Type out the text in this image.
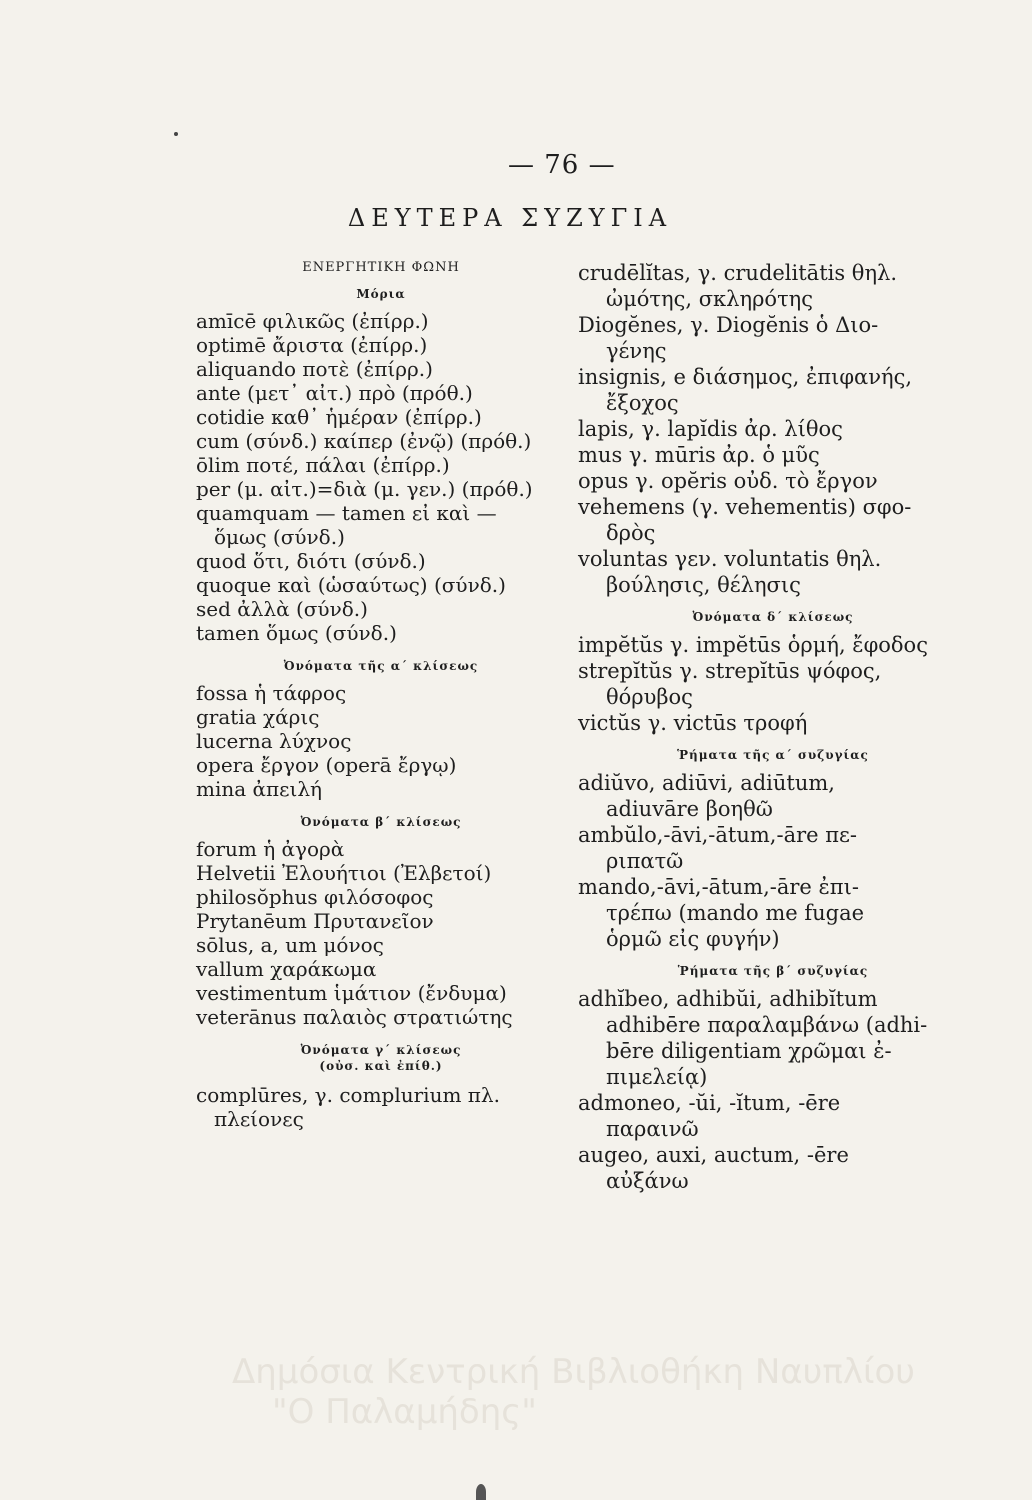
— 76 —
ΔΕΥΤΕΡΑ ΣΥΖΥΓΙΑ
ΕΝΕΡΓΗΤΙΚΗ ΦΩΝΗ
Μόρια

amīcē φιλικῶς (ἐπίρρ.)

optimē ἄριστα (ἐπίρρ.)

aliquando ποτὲ (ἐπίρρ.)

ante (μετ᾽ αἰτ.) πρὸ (πρόθ.)

cotidie καθ᾽ ἡμέραν (ἐπίρρ.)

cum (σύνδ.) καίπερ (ἐνῷ) (πρόθ.)

ōlim ποτέ, πάλαι (ἐπίρρ.)

per (μ. αἰτ.)=διὰ (μ. γεν.) (πρόθ.)

quamquam — tamen εἰ καὶ —

ὅμως (σύνδ.)

quod ὅτι, διότι (σύνδ.)

quoque καὶ (ὡσαύτως) (σύνδ.)

sed ἀλλὰ (σύνδ.)

tamen ὅμως (σύνδ.)

Ὀνόματα τῆς α´ κλίσεως

fossa ἡ τάφρος

gratia χάρις

lucerna λύχνος

opera ἔργον (operā ἔργῳ)

mina ἀπειλή

Ὀνόματα β´ κλίσεως

forum ἡ ἀγορὰ

Helvetii Ἐλουήτιοι (Ἐλβετοί)

philosŏphus φιλόσοφος

Prytanēum Πρυτανεῖον

sōlus, a, um μόνος

vallum χαράκωμα

vestimentum ἱμάτιον (ἔνδυμα)

veterānus παλαιὸς στρατιώτης

Ὀνόματα γ´ κλίσεως
(οὐσ. καὶ ἐπίθ.)

complūres, γ. complurium πλ.

πλείονες

crudēlĭtas, γ. crudelitātis θηλ.

ὠμότης, σκληρότης

Diogĕnes, γ. Diogĕnis ὁ Διο-

γένης

insignis, e διάσημος, ἐπιφανής,

ἔξοχος

lapis, γ. lapĭdis ἀρ. λίθος

mus γ. mūris ἀρ. ὁ μῦς

opus γ. opĕris οὐδ. τὸ ἔργον

vehemens (γ. vehementis) σφο-

δρὸς

voluntas γεν. voluntatis θηλ.

βούλησις, θέλησις

Ὀνόματα δ´ κλίσεως

impĕtŭs γ. impĕtūs ὁρμή, ἔφοδος

strepĭtŭs γ. strepĭtūs ψόφος,

θόρυβος

victŭs γ. victūs τροφή

Ῥήματα τῆς α´ συζυγίας

adiŭvo, adiūvi, adiūtum,

adiuvāre βοηθῶ

ambŭlo,-āvi,-ātum,-āre πε-

ριπατῶ

mando,-āvi,-ātum,-āre ἐπι-

τρέπω (mando me fugae

ὁρμῶ εἰς φυγήν)

Ῥήματα τῆς β´ συζυγίας

adhĭbeo, adhibŭi, adhibĭtum

adhibēre παραλαμβάνω (adhi-

bēre diligentiam χρῶμαι ἐ-

πιμελείᾳ)

admoneo, -ŭi, -ĭtum, -ēre

παραινῶ

augeo, auxi, auctum, -ēre

αὐξάνω

Δημόσια Κεντρική Βιβλιοθήκη Ναυπλίου
"Ο Παλαμήδης"
